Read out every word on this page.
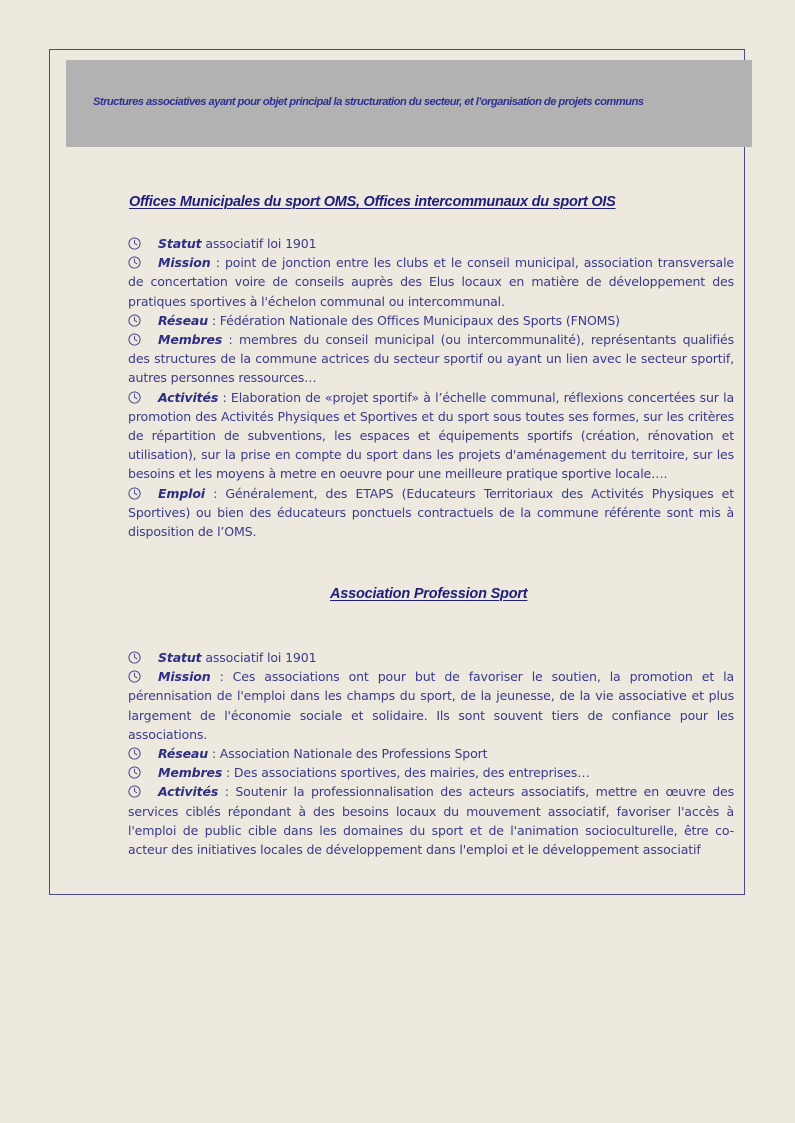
Structures associatives ayant pour objet principal la structuration du secteur, et l’organisation de projets communs
Offices Municipales du sport OMS, Offices intercommunaux du sport OIS

Statut associatif loi 1901

Mission : point de jonction entre les clubs et le conseil municipal, association transversale de concertation voire de conseils auprès des Elus locaux en matière de développement des pratiques sportives à l'échelon communal ou intercommunal.

Réseau : Fédération Nationale des Offices Municipaux des Sports (FNOMS)

Membres : membres du conseil municipal (ou intercommunalité), représentants qualifiés des structures de la commune actrices du secteur sportif ou ayant un lien avec le secteur sportif, autres personnes ressources…

Activités : Elaboration de «projet sportif» à l’échelle communal, réflexions concertées sur la promotion des Activités Physiques et Sportives et du sport sous toutes ses formes, sur les critères de répartition de subventions, les espaces et équipements sportifs (création, rénovation et utilisation), sur la prise en compte du sport dans les projets d'aménagement du territoire, sur les besoins et les moyens à metre en oeuvre pour une meilleure pratique sportive locale….

Emploi : Généralement, des ETAPS (Educateurs Territoriaux des Activités Physiques et Sportives) ou bien des éducateurs ponctuels contractuels de la commune référente sont mis à disposition de l’OMS.

Association Profession Sport

Statut associatif loi 1901

Mission : Ces associations ont pour but de favoriser le soutien, la promotion et la pérennisation de l'emploi dans les champs du sport, de la jeunesse, de la vie associative et plus largement de l'économie sociale et solidaire. Ils sont souvent tiers de confiance pour les associations.

Réseau : Association Nationale des Professions Sport

Membres : Des associations sportives, des mairies, des entreprises…

Activités : Soutenir la professionnalisation des acteurs associatifs, mettre en œuvre des services ciblés répondant à des besoins locaux du mouvement associatif, favoriser l'accès à l'emploi de public cible dans les domaines du sport et de l'animation socioculturelle, être co-acteur des initiatives locales de développement dans l'emploi et le développement associatif
